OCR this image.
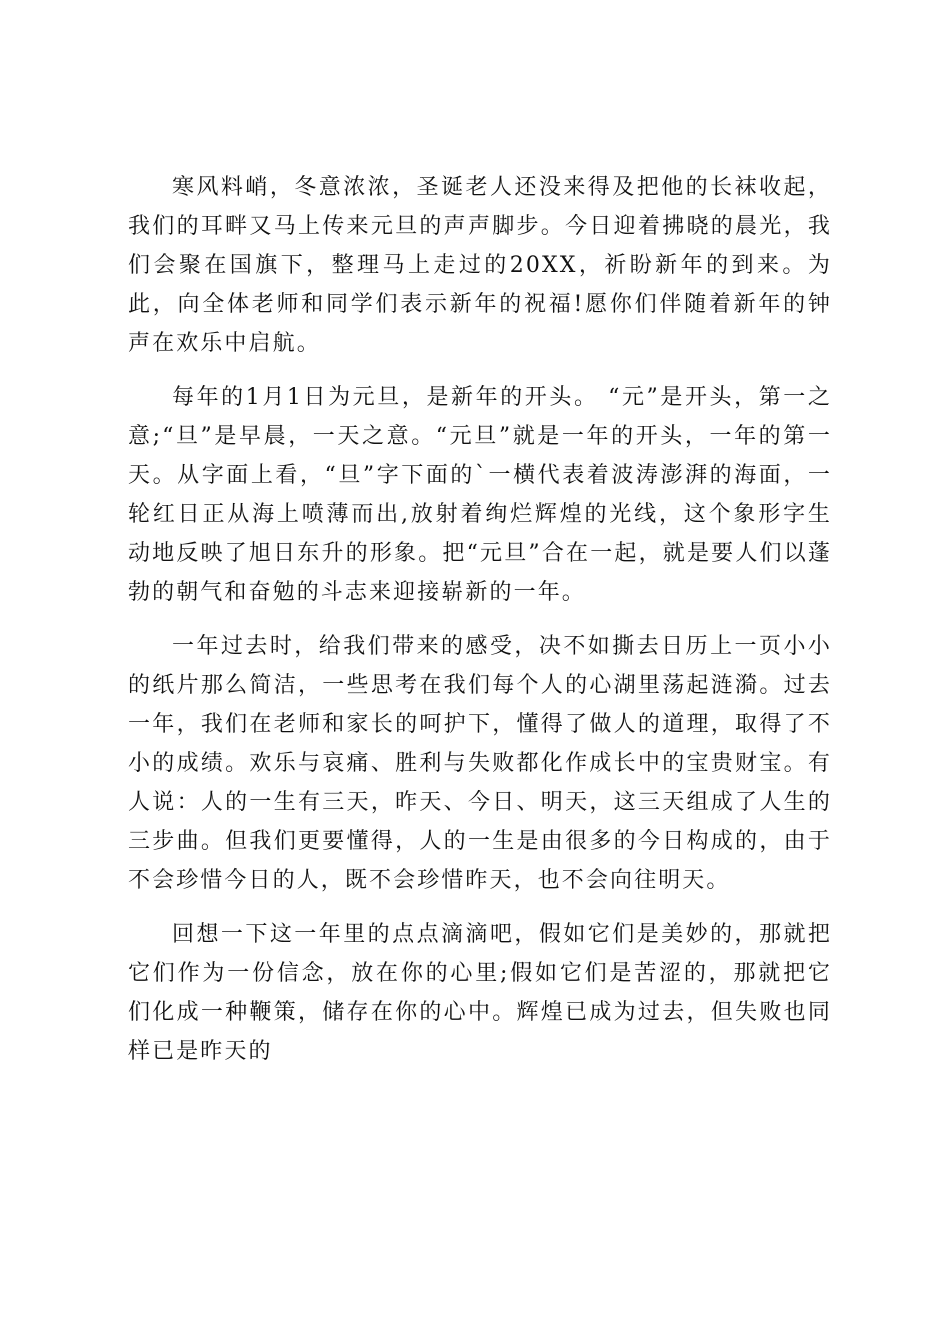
寒风料峭，冬意浓浓，圣诞老人还没来得及把他的长袜收起，我们的耳畔又马上传来元旦的声声脚步。今日迎着拂晓的晨光，我们会聚在国旗下，整理马上走过的20XX，祈盼新年的到来。为此，向全体老师和同学们表示新年的祝福!愿你们伴随着新年的钟声在欢乐中启航。

每年的1月1日为元旦，是新年的开头。 “元”是开头，第一之意;“旦”是早晨，一天之意。“元旦”就是一年的开头，一年的第一天。从字面上看，“旦”字下面的`一横代表着波涛澎湃的海面，一轮红日正从海上喷薄而出,放射着绚烂辉煌的光线，这个象形字生动地反映了旭日东升的形象。把“元旦”合在一起，就是要人们以蓬勃的朝气和奋勉的斗志来迎接崭新的一年。

一年过去时，给我们带来的感受，决不如撕去日历上一页小小的纸片那么简洁，一些思考在我们每个人的心湖里荡起涟漪。过去一年，我们在老师和家长的呵护下，懂得了做人的道理，取得了不小的成绩。欢乐与哀痛、胜利与失败都化作成长中的宝贵财宝。有人说：人的一生有三天，昨天、今日、明天，这三天组成了人生的三步曲。但我们更要懂得，人的一生是由很多的今日构成的，由于不会珍惜今日的人，既不会珍惜昨天，也不会向往明天。

回想一下这一年里的点点滴滴吧，假如它们是美妙的，那就把它们作为一份信念，放在你的心里;假如它们是苦涩的，那就把它们化成一种鞭策，储存在你的心中。辉煌已成为过去，但失败也同样已是昨天的
